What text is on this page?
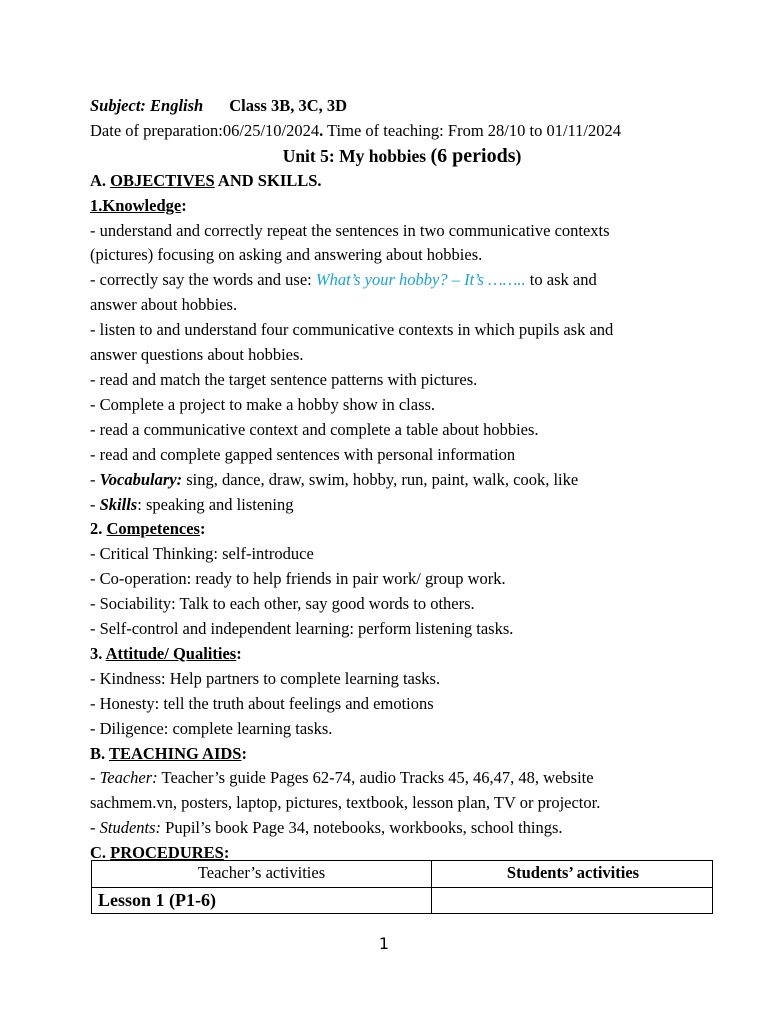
Subject: English Class 3B, 3C, 3D
Date of preparation:06/25/10/2024. Time of teaching: From 28/10 to 01/11/2024
Unit 5: My hobbies (6 periods)
A. OBJECTIVES AND SKILLS.
1.Knowledge:
- understand and correctly repeat the sentences in two communicative contexts
(pictures) focusing on asking and answering about hobbies.
- correctly say the words and use: What’s your hobby? – It’s …….. to ask and
answer about hobbies.
- listen to and understand four communicative contexts in which pupils ask and
answer questions about hobbies.
- read and match the target sentence patterns with pictures.
- Complete a project to make a hobby show in class.
- read a communicative context and complete a table about hobbies.
- read and complete gapped sentences with personal information
- Vocabulary: sing, dance, draw, swim, hobby, run, paint, walk, cook, like
- Skills: speaking and listening
2. Competences:
- Critical Thinking: self-introduce
- Co-operation: ready to help friends in pair work/ group work.
- Sociability: Talk to each other, say good words to others.
- Self-control and independent learning: perform listening tasks.
3. Attitude/ Qualities:
- Kindness: Help partners to complete learning tasks.
- Honesty: tell the truth about feelings and emotions
- Diligence: complete learning tasks.
B. TEACHING AIDS:
- Teacher: Teacher’s guide Pages 62-74, audio Tracks 45, 46,47, 48, website
sachmem.vn, posters, laptop, pictures, textbook, lesson plan, TV or projector.
- Students: Pupil’s book Page 34, notebooks, workbooks, school things.
C. PROCEDURES:
Teacher’s activities	Students’ activities
Lesson 1 (P1-6)
1
